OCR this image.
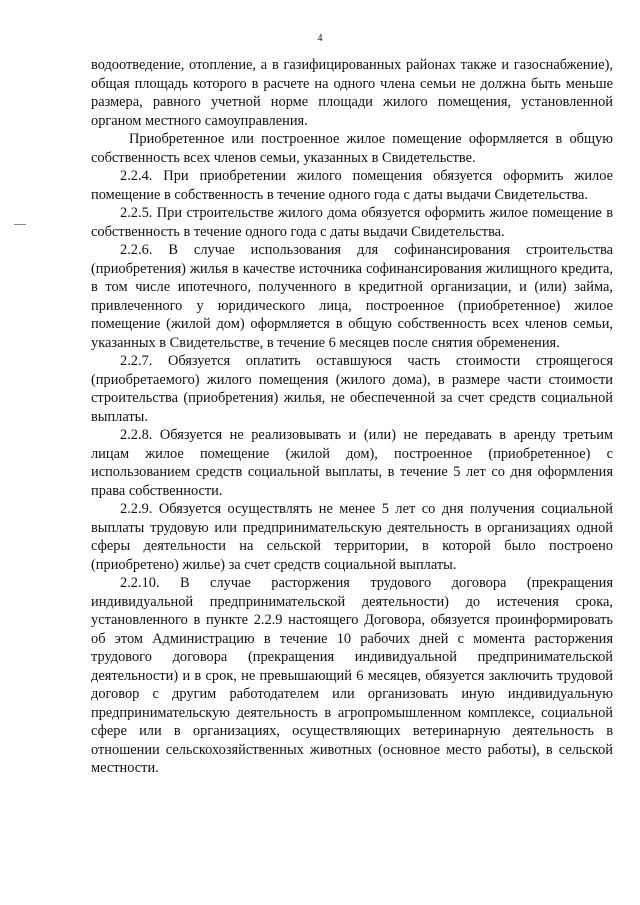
4

водоотведение, отопление, а в газифицированных районах также и газоснабжение), общая площадь которого в расчете на одного члена семьи не должна быть меньше размера, равного учетной норме площади жилого помещения, установленной органом местного самоуправления.

Приобретенное или построенное жилое помещение оформляется в общую собственность всех членов семьи, указанных в Свидетельстве.

2.2.4. При приобретении жилого помещения обязуется оформить жилое помещение в собственность в течение одного года с даты выдачи Свидетельства.

2.2.5. При строительстве жилого дома обязуется оформить жилое помещение в собственность в течение одного года с даты выдачи Свидетельства.

2.2.6. В случае использования для софинансирования строительства (приобретения) жилья в качестве источника софинансирования жилищного кредита, в том числе ипотечного, полученного в кредитной организации, и (или) займа, привлеченного у юридического лица, построенное (приобретенное) жилое помещение (жилой дом) оформляется в общую собственность всех членов семьи, указанных в Свидетельстве, в течение 6 месяцев после снятия обременения.

2.2.7. Обязуется оплатить оставшуюся часть стоимости строящегося (приобретаемого) жилого помещения (жилого дома), в размере части стоимости строительства (приобретения) жилья, не обеспеченной за счет средств социальной выплаты.

2.2.8. Обязуется не реализовывать и (или) не передавать в аренду третьим лицам жилое помещение (жилой дом), построенное (приобретенное) с использованием средств социальной выплаты, в течение 5 лет со дня оформления права собственности.

2.2.9. Обязуется осуществлять не менее 5 лет со дня получения социальной выплаты трудовую или предпринимательскую деятельность в организациях одной сферы деятельности на сельской территории, в которой было построено (приобретено) жилье) за счет средств социальной выплаты.

2.2.10. В случае расторжения трудового договора (прекращения индивидуальной предпринимательской деятельности) до истечения срока, установленного в пункте 2.2.9 настоящего Договора, обязуется проинформировать об этом Администрацию в течение 10 рабочих дней с момента расторжения трудового договора (прекращения индивидуальной предпринимательской деятельности) и в срок, не превышающий 6 месяцев, обязуется заключить трудовой договор с другим работодателем или организовать иную индивидуальную предпринимательскую деятельность в агропромышленном комплексе, социальной сфере или в организациях, осуществляющих ветеринарную деятельность в отношении сельскохозяйственных животных (основное место работы), в сельской местности.
